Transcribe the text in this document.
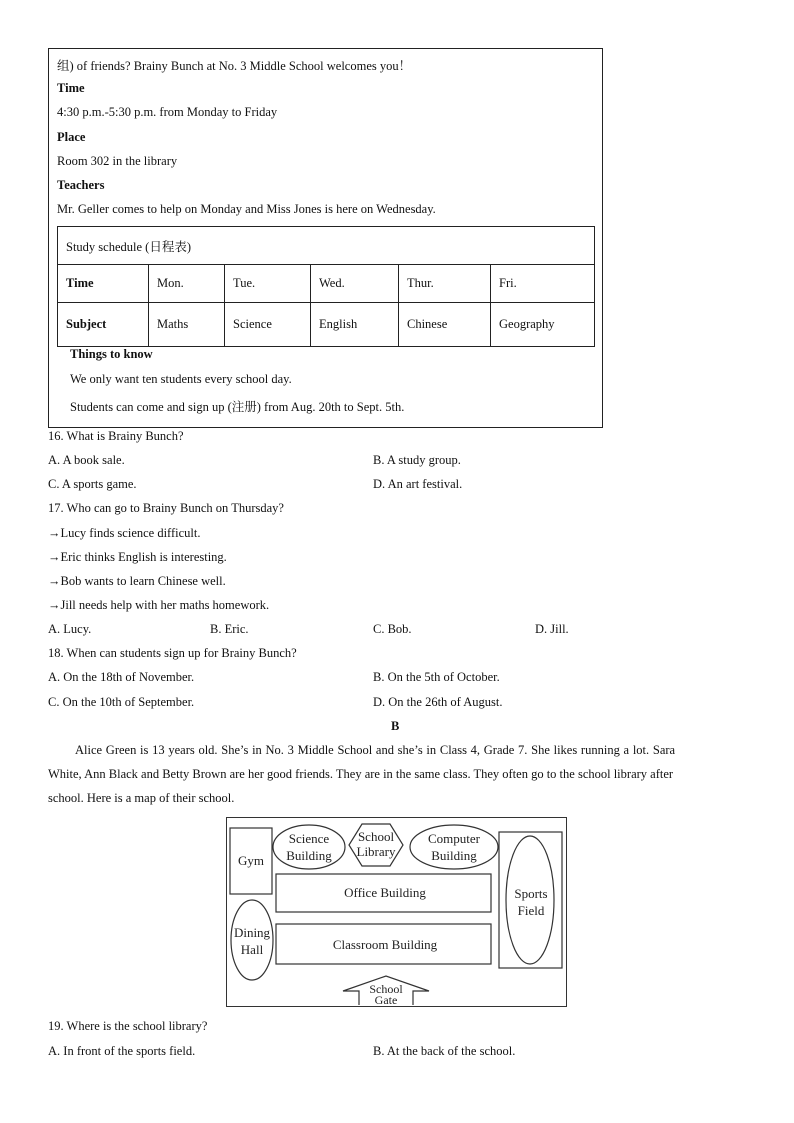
组) of friends? Brainy Bunch at No. 3 Middle School welcomes you！
Time
4:30 p.m.-5:30 p.m. from Monday to Friday
Place
Room 302 in the library
Teachers
Mr. Geller comes to help on Monday and Miss Jones is here on Wednesday.
Study schedule (日程表)					
Time	Mon.	Tue.	Wed.	Thur.	Fri.
Subject	Maths	Science	English	Chinese	Geography
Things to know
We only want ten students every school day.
Students can come and sign up (注册) from Aug. 20th to Sept. 5th.
16. What is Brainy Bunch?
A. A book sale.	B. A study group.
C. A sports game.	D. An art festival.
17. Who can go to Brainy Bunch on Thursday?
→Lucy finds science difficult.
→Eric thinks English is interesting.
→Bob wants to learn Chinese well.
→Jill needs help with her maths homework.
A. Lucy.	B. Eric.	C. Bob.	D. Jill.
18. When can students sign up for Brainy Bunch?
A. On the 18th of November.	B. On the 5th of October.
C. On the 10th of September.	D. On the 26th of August.
B
Alice Green is 13 years old. She’s in No. 3 Middle School and she’s in Class 4, Grade 7. She likes running a lot. Sara
White, Ann Black and Betty Brown are her good friends. They are in the same class. They often go to the school library after
school. Here is a map of their school.
Gym
Science
Building
School
Library
Computer
Building
Office Building
Dining
Hall	Classroom Building
Sports
Field
School
Gate
19. Where is the school library?
A. In front of the sports field.	B. At the back of the school.
